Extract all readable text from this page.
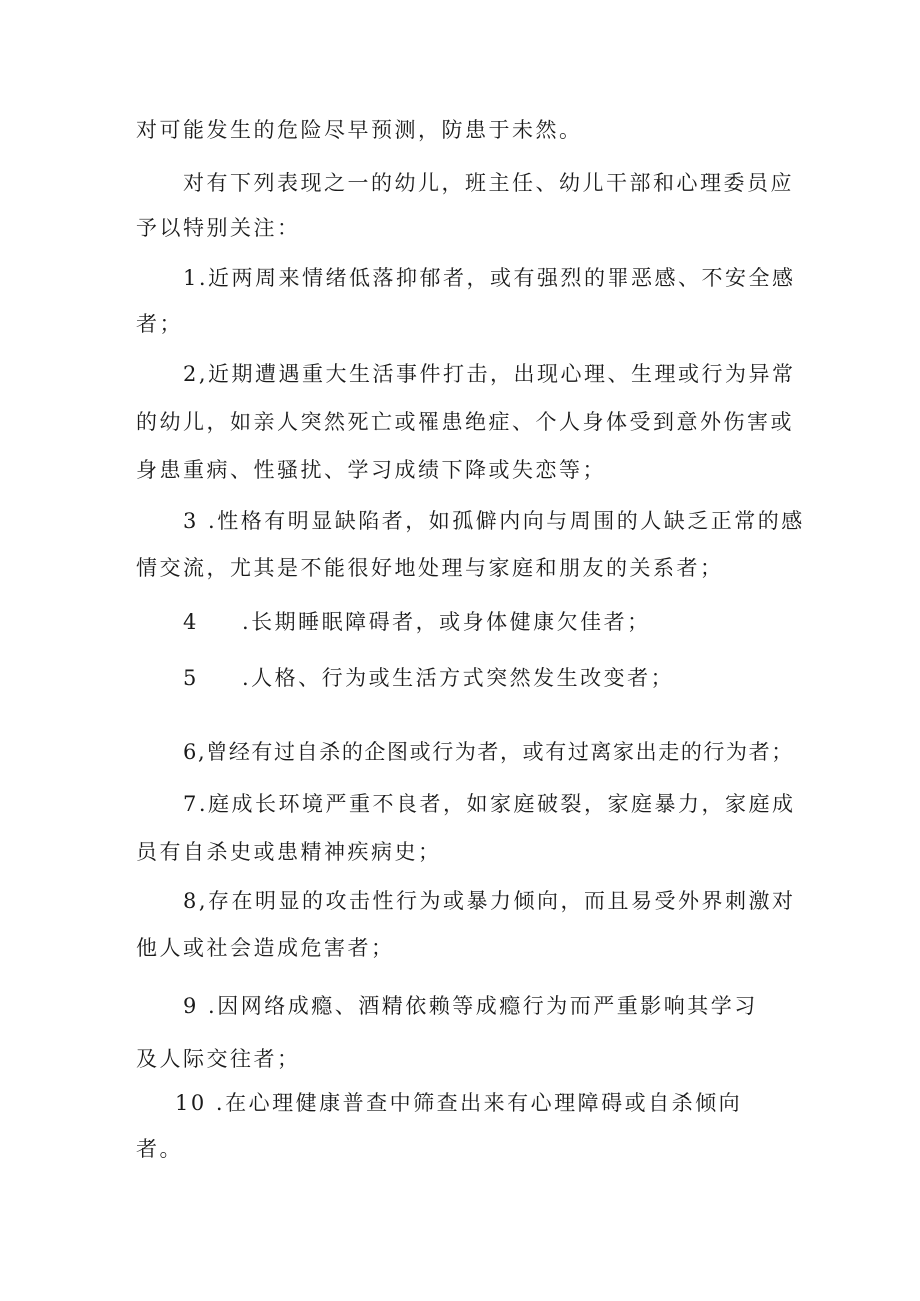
对可能发生的危险尽早预测，防患于未然。
对有下列表现之一的幼儿，班主任、幼儿干部和心理委员应
予以特别关注：
1.近两周来情绪低落抑郁者，或有强烈的罪恶感、不安全感
者；
2,近期遭遇重大生活事件打击，出现心理、生理或行为异常
的幼儿，如亲人突然死亡或罹患绝症、个人身体受到意外伤害或
身患重病、性骚扰、学习成绩下降或失恋等；
3 .性格有明显缺陷者，如孤僻内向与周围的人缺乏正常的感
情交流，尤其是不能很好地处理与家庭和朋友的关系者；
4 .长期睡眠障碍者，或身体健康欠佳者；
5 .人格、行为或生活方式突然发生改变者；
6,曾经有过自杀的企图或行为者，或有过离家出走的行为者；
7.庭成长环境严重不良者，如家庭破裂，家庭暴力，家庭成
员有自杀史或患精神疾病史；
8,存在明显的攻击性行为或暴力倾向，而且易受外界刺激对
他人或社会造成危害者；
9 .因网络成瘾、酒精依赖等成瘾行为而严重影响其学习
及人际交往者；
10 .在心理健康普查中筛查出来有心理障碍或自杀倾向
者。
